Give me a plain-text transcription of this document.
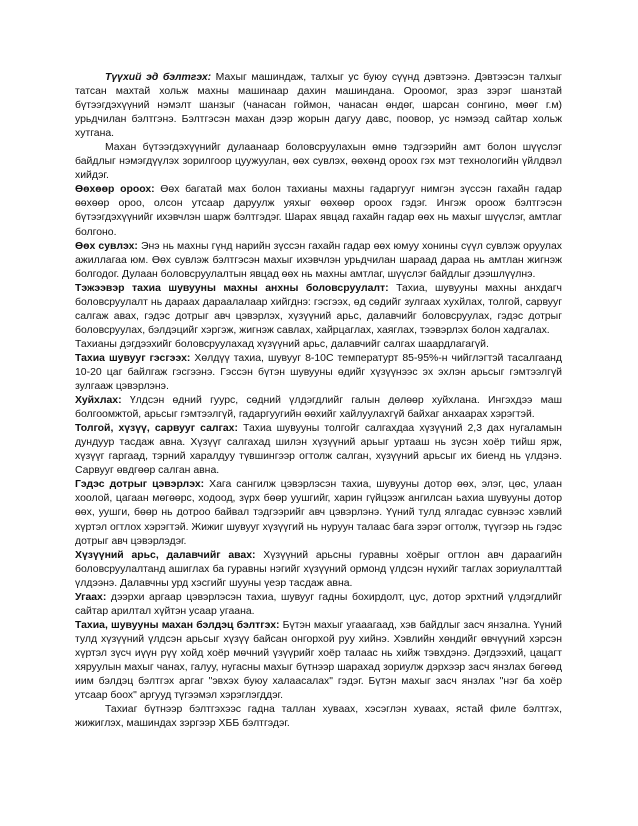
Түүхий эд бэлтгэх: Махыг машиндаж, талхыг ус буюу сүүнд дэвтээнэ. Дэвтээсэн талхыг татсан махтай хольж махны машинаар дахин машиндана. Ороомог, зраз зэрэг шанзтай бүтээгдэхүүний нэмэлт шанзыг (чанасан гоймон, чанасан өндөг, шарсан сонгино, мөөг г.м) урьдчилан бэлтгэнэ. Бэлтгэсэн махан дээр жорын дагуу давс, поовор, ус нэмээд сайтар хольж хутгана.

Махан бүтээгдэхүүнийг дулаанаар боловсруулахын өмнө тэдгээрийн амт болон шүүслэг байдлыг нэмэгдүүлэх зорилгоор цуужуулан, өөх сувлэх, өөхөнд ороох гэх мэт технологийн үйлдвэл хийдэг.

Өөхөөр ороох: Өөх багатай мах болон тахианы махны гадаргууг нимгэн зүссэн гахайн гадар өөхөөр ороо, олсон утсаар даруулж уяхыг өөхөөр ороох гэдэг. Ингэж ороож бэлтгэсэн бүтээгдэхүүнийг ихэвчлэн шарж бэлтгэдэг. Шарах явцад гахайн гадар өөх нь махыг шүүслэг, амтлаг болгоно.

Өөх сувлэх: Энэ нь махны гүнд нарийн зүссэн гахайн гадар өөх юмуу хонины сүүл сувлэж оруулах ажиллагаа юм. Өөх сувлэж бэлтгэсэн махыг ихэвчлэн урьдчилан шараад дараа нь амтлан жигнэж болгодог. Дулаан боловсруулалтын явцад өөх нь махны амтлаг, шүүслэг байдлыг дээшлүүлнэ.

Тэжээвэр тахиа шувууны махны анхны боловсруулалт: Тахиа, шувууны махны анхдагч боловсруулалт нь дараах дараалалаар хийгднэ: гэсгээх, өд сөдийг зулгаах хухйлах, толгой, сарвууг салгаж авах, гэдэс дотрыг авч цэвэрлэх, хүзүүний арьс, далавчийг боловсруулах, гэдэс дотрыг боловсруулах, бэлдэцийг хэргэж, жигнэж савлах, хайрцаглах, хаяглах, тээвэрлэх болон хадгалах.

Тахианы дэгдээхийг боловсруулахад хүзүүний арьс, далавчийг салгах шаардлагагүй.

Тахиа шувууг гэсгээх: Хөлдүү тахиа, шувууг 8-10С температурт 85-95%-н чийглэгтэй тасалгаанд 10-20 цаг байлгаж гэсгээнэ. Гэссэн бүтэн шувууны өдийг хүзүүнээс эх эхлэн арьсыг гэмтээлгүй зулгааж цэвэрлэнэ.

Хуйхлах: Үлдсэн өдний гуурс, сөдний үлдэгдлийг галын дөлөөр хуйхлана. Ингэхдээ маш болгоомжтой, арьсыг гэмтээлгүй, гадаргуугийн өөхийг хайлуулахгүй байхаг анхаарах хэрэгтэй.

Толгой, хүзүү, сарвууг салгах: Тахиа шувууны толгойг салгахдаа хүзүүний 2,3 дах нугаламын дундуур тасдаж авна. Хүзүүг салгахад шилэн хүзүүний арьыг уртааш нь зүсэн хоёр тийш ярж, хүзүүг гаргаад, тэрний харалдуу түвшингээр огтолж салган, хүзүүний арьсыг их биенд нь үлдэнэ. Сарвууг өвдгөөр салган авна.

Гэдэс дотрыг цэвэрлэх: Хага сангилж цэвэрлэсэн тахиа, шувууны дотор өөх, элэг, цөс, улаан хоолой, цагаан мөгөөрс, ходоод, зүрх бөөр уушгийг, харин гүйцээж ангилсан ьахиа шувууны дотор өөх, уушги, бөөр нь дотроо байвал тэдгээрийг авч цэвэрлэнэ. Үүний тулд ялгадас сувнээс хэвлий хүртэл огтлох хэрэгтэй. Жижиг шувууг хүзүүгий нь нуруун талаас бага зэрэг огтолж, түүгээр нь гэдэс дотрыг авч цэвэрлэдэг.

Хүзүүний арьс, далавчийг авах: Хүзүүний арьсны гуравны хоёрыг огтлон авч дараагийн боловсруулалтанд ашиглах ба гуравны нэгийг хүзүүний ормонд үлдсэн нүхийг таглах зориулалттай үлдээнэ. Далавчны урд хэсгийг шууны үеэр тасдаж авна.

Угаах: дээрхи аргаар цэвэрлэсэн тахиа, шувууг гадны бохирдолт, цус, дотор эрхтний үлдэгдлийг сайтар арилтал хүйтэн усаар угаана.

Тахиа, шувууны махан бэлдэц бэлтгэх: Бүтэн махыг угааагаад, хэв байдлыг засч янзална. Үүний тулд хүзүүний үлдсэн арьсыг хүзүү байсан онгорхой руу хийнэ. Хэвлийн хөндийг өвчүүний хэрсэн хүртэл зүсч иүүн рүү хойд хоёр мөчний үзүүрийг хоёр талаас нь хийж тэвхдэнэ. Дэгдээхий, цацагт хяруулын махыг чанах, галуу, нугасны махыг бүтнээр шарахад зориулж дэрхээр засч янзлах бөгөөд иим бэлдэц бэлтгэх аргаг "эвхэх буюу халаасалах" гэдэг. Бүтэн махыг засч янзлах "нэг ба хоёр утсаар боох" аргууд түгээмэл хэрэглэгддэг.

Тахиаг бүтнээр бэлтгэхээс гадна таллан хуваах, хэсэглэн хуваах, ястай филе бэлтгэх, жижиглэх, машиндах зэргээр ХББ бэлтгэдэг.
